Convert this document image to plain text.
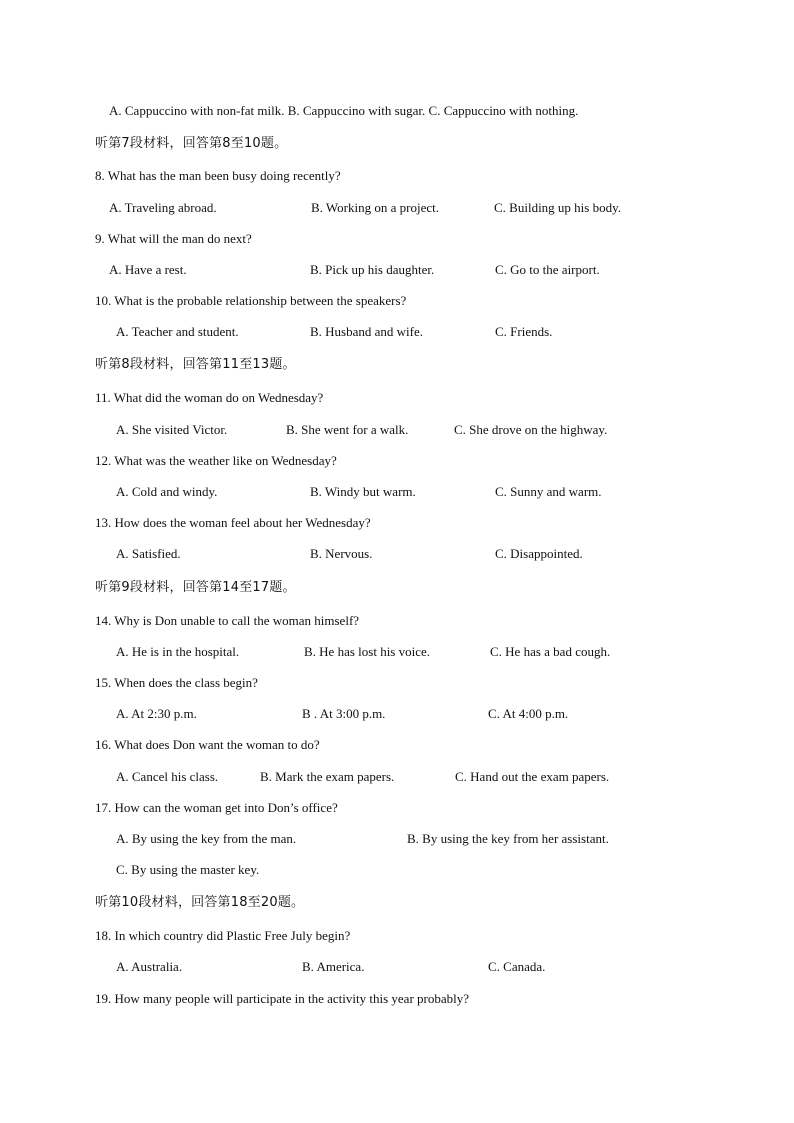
A. Cappuccino with non-fat milk. B. Cappuccino with sugar. C. Cappuccino with nothing.
听第7段材料，回答第8至10题。
8. What has the man been busy doing recently?
A. Traveling abroad.	B. Working on a project.	C. Building up his body.
9. What will the man do next?
A. Have a rest.	B. Pick up his daughter.	C. Go to the airport.
10. What is the probable relationship between the speakers?
A. Teacher and student.	B. Husband and wife.	C. Friends.
听第8段材料，回答第11至13题。
11. What did the woman do on Wednesday?
A. She visited Victor.	B. She went for a walk.	C. She drove on the highway.
12. What was the weather like on Wednesday?
A. Cold and windy.	B. Windy but warm.	C. Sunny and warm.
13. How does the woman feel about her Wednesday?
A. Satisfied.	B. Nervous.	C. Disappointed.
听第9段材料，回答第14至17题。
14. Why is Don unable to call the woman himself?
A. He is in the hospital.	B. He has lost his voice.	C. He has a bad cough.
15. When does the class begin?
A. At 2:30 p.m.	B . At 3:00 p.m.	C. At 4:00 p.m.
16. What does Don want the woman to do?
A. Cancel his class.	B. Mark the exam papers.	C. Hand out the exam papers.
17. How can the woman get into Don’s office?
A. By using the key from the man.	B. By using the key from her assistant.
C. By using the master key.
听第10段材料，回答第18至20题。
18. In which country did Plastic Free July begin?
A. Australia.	B. America.	C. Canada.
19. How many people will participate in the activity this year probably?
